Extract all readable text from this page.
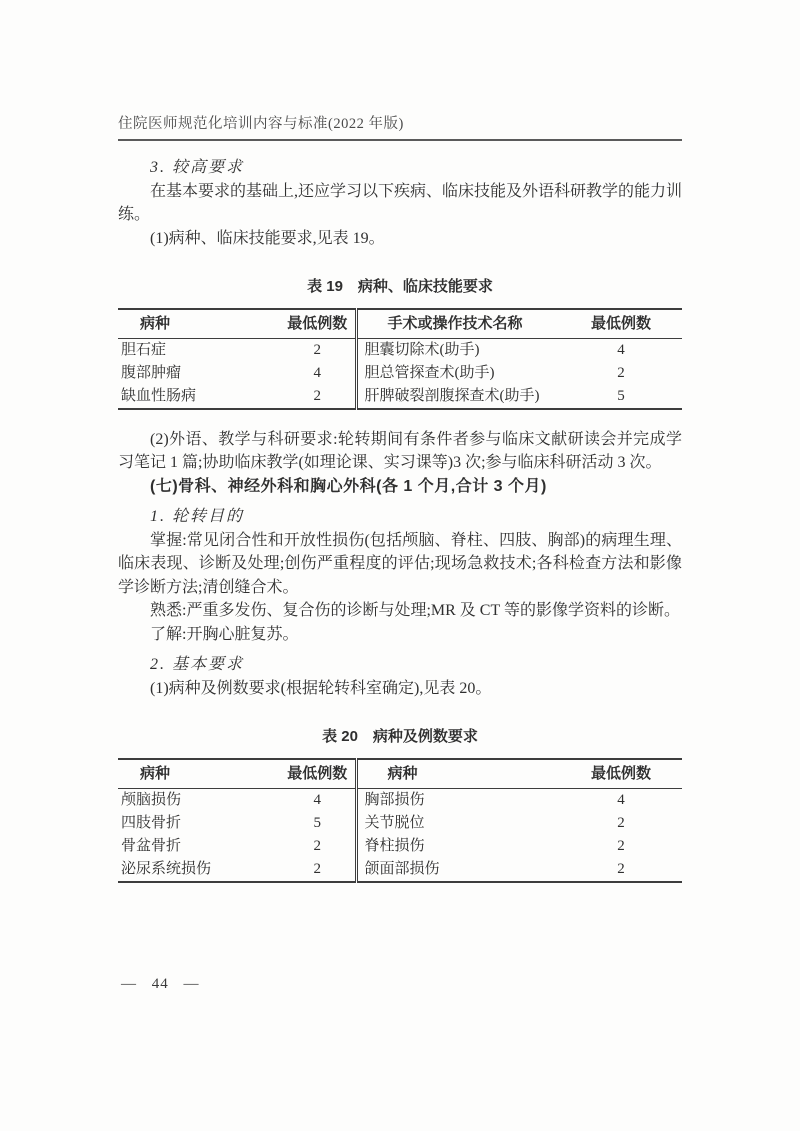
住院医师规范化培训内容与标准(2022 年版)

3. 较高要求

在基本要求的基础上,还应学习以下疾病、临床技能及外语科研教学的能力训练。

(1)病种、临床技能要求,见表 19。

表 19　病种、临床技能要求

病种	最低例数	手术或操作技术名称	最低例数
胆石症	2	胆囊切除术(助手)	4
腹部肿瘤	4	胆总管探查术(助手)	2
缺血性肠病	2	肝脾破裂剖腹探查术(助手)	5

(2)外语、教学与科研要求:轮转期间有条件者参与临床文献研读会并完成学习笔记 1 篇;协助临床教学(如理论课、实习课等)3 次;参与临床科研活动 3 次。

(七)骨科、神经外科和胸心外科(各 1 个月,合计 3 个月)

1. 轮转目的

掌握:常见闭合性和开放性损伤(包括颅脑、脊柱、四肢、胸部)的病理生理、临床表现、诊断及处理;创伤严重程度的评估;现场急救技术;各科检查方法和影像学诊断方法;清创缝合术。

熟悉:严重多发伤、复合伤的诊断与处理;MR 及 CT 等的影像学资料的诊断。

了解:开胸心脏复苏。

2. 基本要求

(1)病种及例数要求(根据轮转科室确定),见表 20。

表 20　病种及例数要求

病种	最低例数	病种	最低例数
颅脑损伤	4	胸部损伤	4
四肢骨折	5	关节脱位	2
骨盆骨折	2	脊柱损伤	2
泌尿系统损伤	2	颌面部损伤	2
— 44 —
